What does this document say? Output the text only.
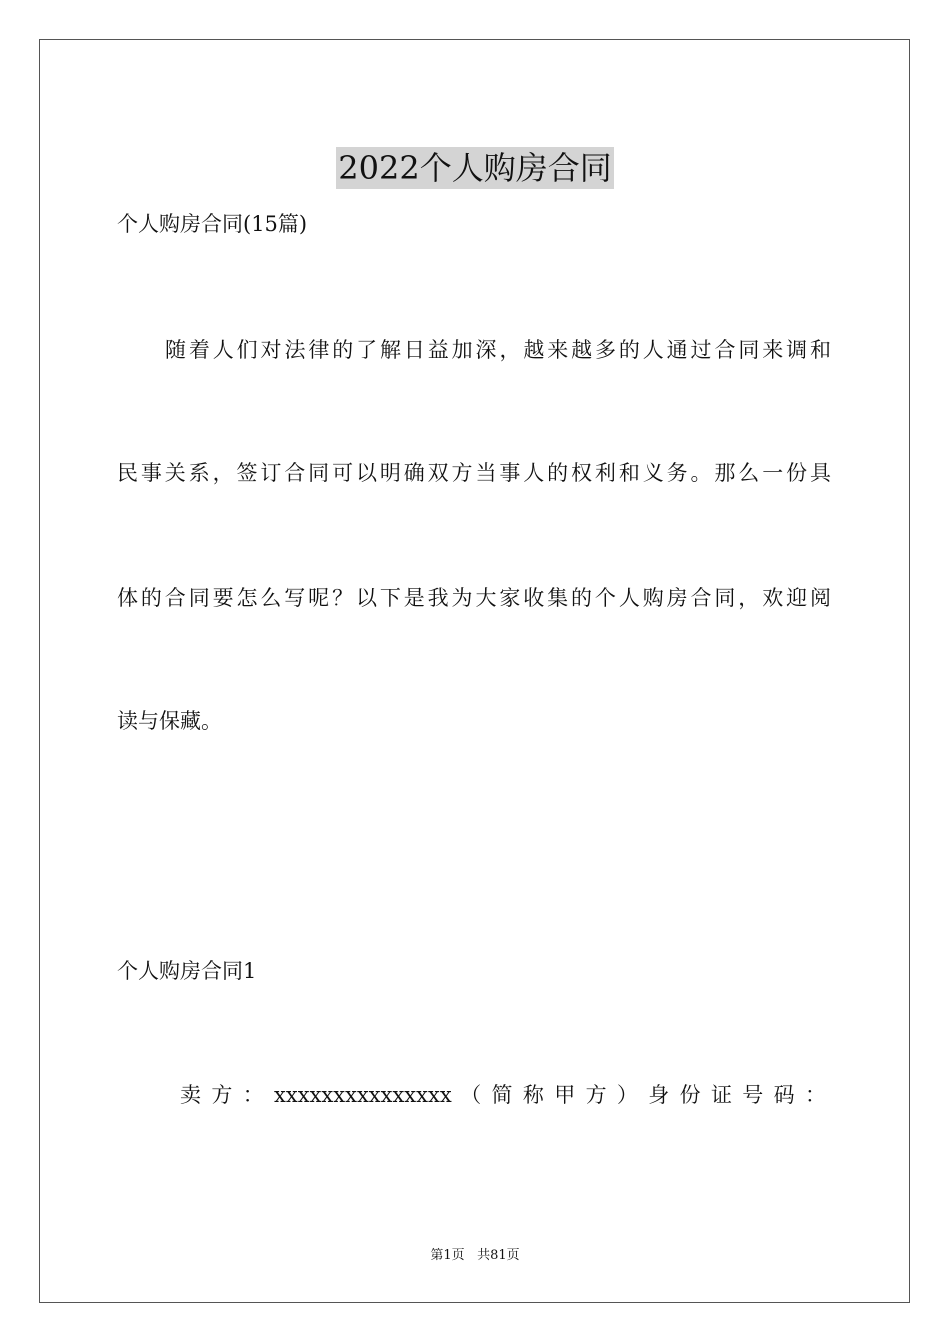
2022个人购房合同
个人购房合同(15篇)
随着人们对法律的了解日益加深，越来越多的人通过合同来调和
民事关系，签订合同可以明确双方当事人的权利和义务。那么一份具
体的合同要怎么写呢？以下是我为大家收集的个人购房合同，欢迎阅
读与保藏。
个人购房合同1
卖 方 ： xxxxxxxxxxxxxxx （ 简 称 甲 方 ） 身 份 证 号 码 ：
第1页 共81页
